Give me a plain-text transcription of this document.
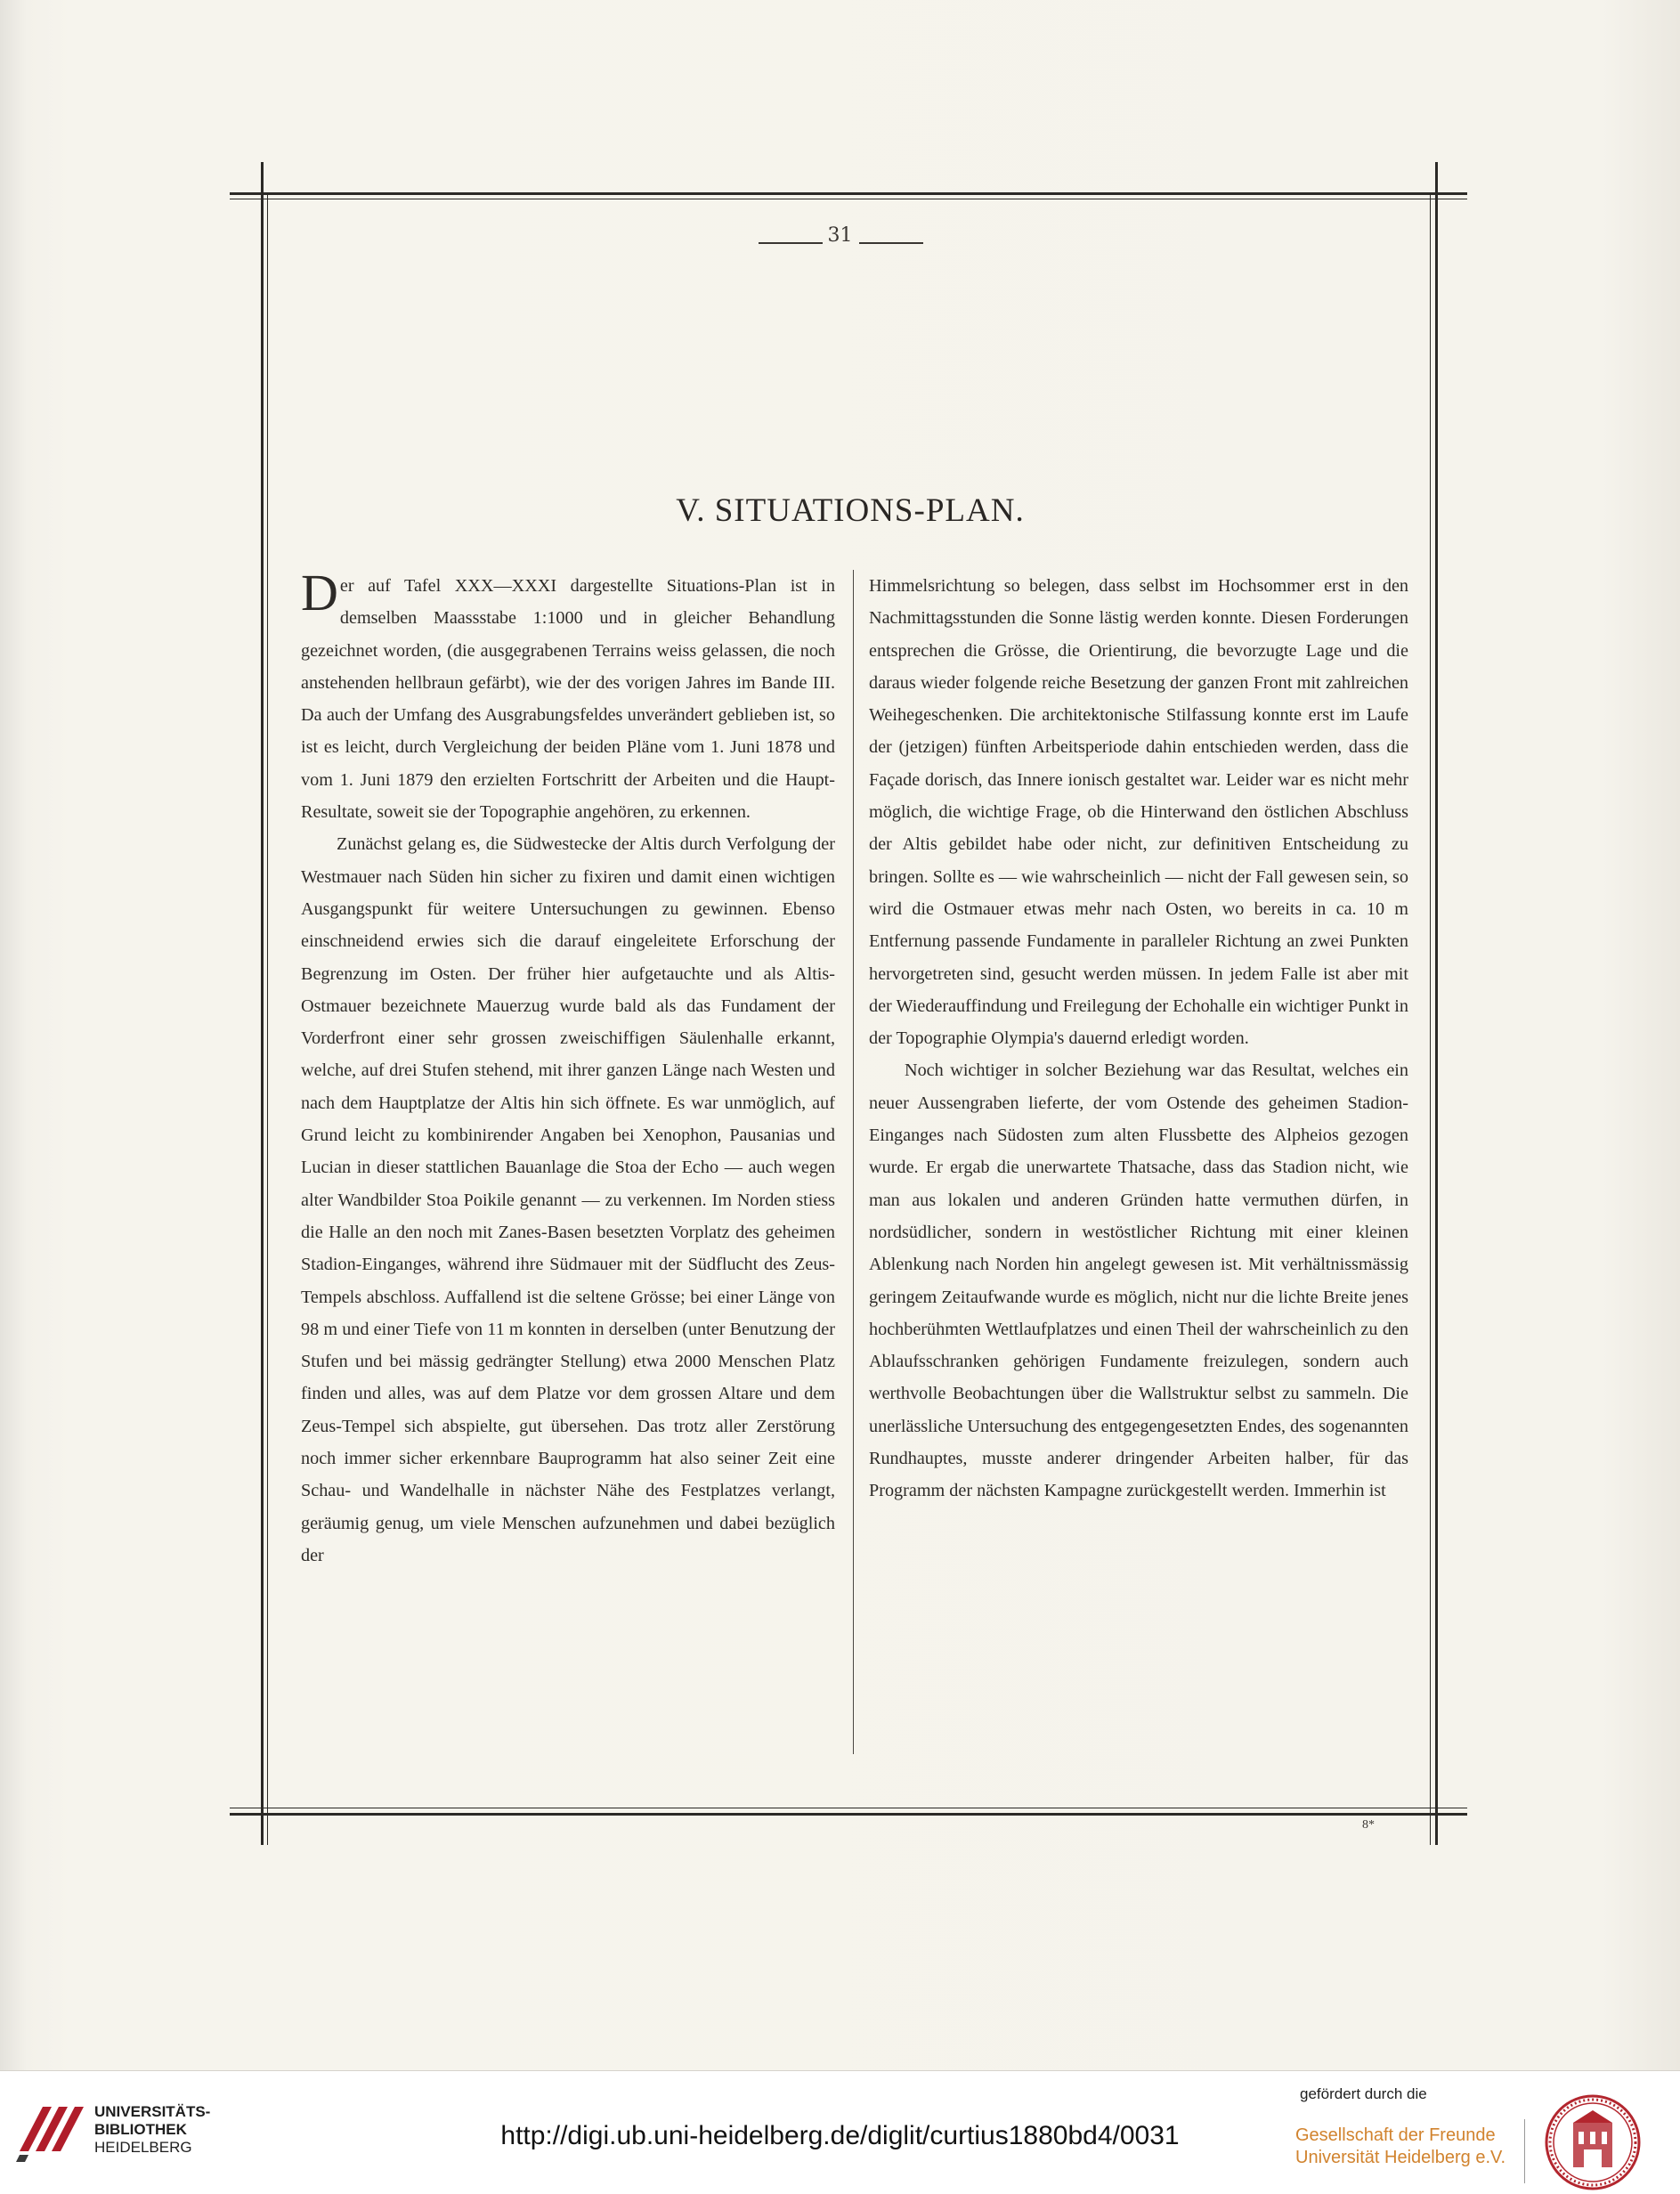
31
V. SITUATIONS-PLAN.

Der auf Tafel XXX—XXXI dargestellte Situations-Plan ist in demselben Maassstabe 1:1000 und in gleicher Behandlung gezeichnet worden, (die ausgegrabenen Terrains weiss gelassen, die noch anstehenden hellbraun gefärbt), wie der des vorigen Jahres im Bande III. Da auch der Umfang des Ausgrabungsfeldes unverändert geblieben ist, so ist es leicht, durch Vergleichung der beiden Pläne vom 1. Juni 1878 und vom 1. Juni 1879 den erzielten Fortschritt der Arbeiten und die Haupt-Resultate, soweit sie der Topographie angehören, zu erkennen.

Zunächst gelang es, die Südwestecke der Altis durch Verfolgung der Westmauer nach Süden hin sicher zu fixiren und damit einen wichtigen Ausgangspunkt für weitere Untersuchungen zu gewinnen. Ebenso einschneidend erwies sich die darauf eingeleitete Erforschung der Begrenzung im Osten. Der früher hier aufgetauchte und als Altis-Ostmauer bezeichnete Mauerzug wurde bald als das Fundament der Vorderfront einer sehr grossen zweischiffigen Säulenhalle erkannt, welche, auf drei Stufen stehend, mit ihrer ganzen Länge nach Westen und nach dem Hauptplatze der Altis hin sich öffnete. Es war unmöglich, auf Grund leicht zu kombinirender Angaben bei Xenophon, Pausanias und Lucian in dieser stattlichen Bauanlage die Stoa der Echo — auch wegen alter Wandbilder Stoa Poikile genannt — zu verkennen. Im Norden stiess die Halle an den noch mit Zanes-Basen besetzten Vorplatz des geheimen Stadion-Einganges, während ihre Südmauer mit der Südflucht des Zeus-Tempels abschloss. Auffallend ist die seltene Grösse; bei einer Länge von 98 m und einer Tiefe von 11 m konnten in derselben (unter Benutzung der Stufen und bei mässig gedrängter Stellung) etwa 2000 Menschen Platz finden und alles, was auf dem Platze vor dem grossen Altare und dem Zeus-Tempel sich abspielte, gut übersehen. Das trotz aller Zerstörung noch immer sicher erkennbare Bauprogramm hat also seiner Zeit eine Schau- und Wandelhalle in nächster Nähe des Festplatzes verlangt, geräumig genug, um viele Menschen aufzunehmen und dabei bezüglich der

Himmelsrichtung so belegen, dass selbst im Hochsommer erst in den Nachmittagsstunden die Sonne lästig werden konnte. Diesen Forderungen entsprechen die Grösse, die Orientirung, die bevorzugte Lage und die daraus wieder folgende reiche Besetzung der ganzen Front mit zahlreichen Weihegeschenken. Die architektonische Stilfassung konnte erst im Laufe der (jetzigen) fünften Arbeitsperiode dahin entschieden werden, dass die Façade dorisch, das Innere ionisch gestaltet war. Leider war es nicht mehr möglich, die wichtige Frage, ob die Hinterwand den östlichen Abschluss der Altis gebildet habe oder nicht, zur definitiven Entscheidung zu bringen. Sollte es — wie wahrscheinlich — nicht der Fall gewesen sein, so wird die Ostmauer etwas mehr nach Osten, wo bereits in ca. 10 m Entfernung passende Fundamente in paralleler Richtung an zwei Punkten hervorgetreten sind, gesucht werden müssen. In jedem Falle ist aber mit der Wiederauffindung und Freilegung der Echohalle ein wichtiger Punkt in der Topographie Olympia's dauernd erledigt worden.

Noch wichtiger in solcher Beziehung war das Resultat, welches ein neuer Aussengraben lieferte, der vom Ostende des geheimen Stadion-Einganges nach Südosten zum alten Flussbette des Alpheios gezogen wurde. Er ergab die unerwartete Thatsache, dass das Stadion nicht, wie man aus lokalen und anderen Gründen hatte vermuthen dürfen, in nordsüdlicher, sondern in westöstlicher Richtung mit einer kleinen Ablenkung nach Norden hin angelegt gewesen ist. Mit verhältnissmässig geringem Zeitaufwande wurde es möglich, nicht nur die lichte Breite jenes hochberühmten Wettlaufplatzes und einen Theil der wahrscheinlich zu den Ablaufsschranken gehörigen Fundamente freizulegen, sondern auch werthvolle Beobachtungen über die Wallstruktur selbst zu sammeln. Die unerlässliche Untersuchung des entgegengesetzten Endes, des sogenannten Rundhauptes, musste anderer dringender Arbeiten halber, für das Programm der nächsten Kampagne zurückgestellt werden. Immerhin ist

8*
UNIVERSITÄTS-
BIBLIOTHEK
HEIDELBERG	http://digi.ub.uni-heidelberg.de/diglit/curtius1880bd4/0031
gefördert durch die
Gesellschaft der Freunde
Universität Heidelberg e.V.
